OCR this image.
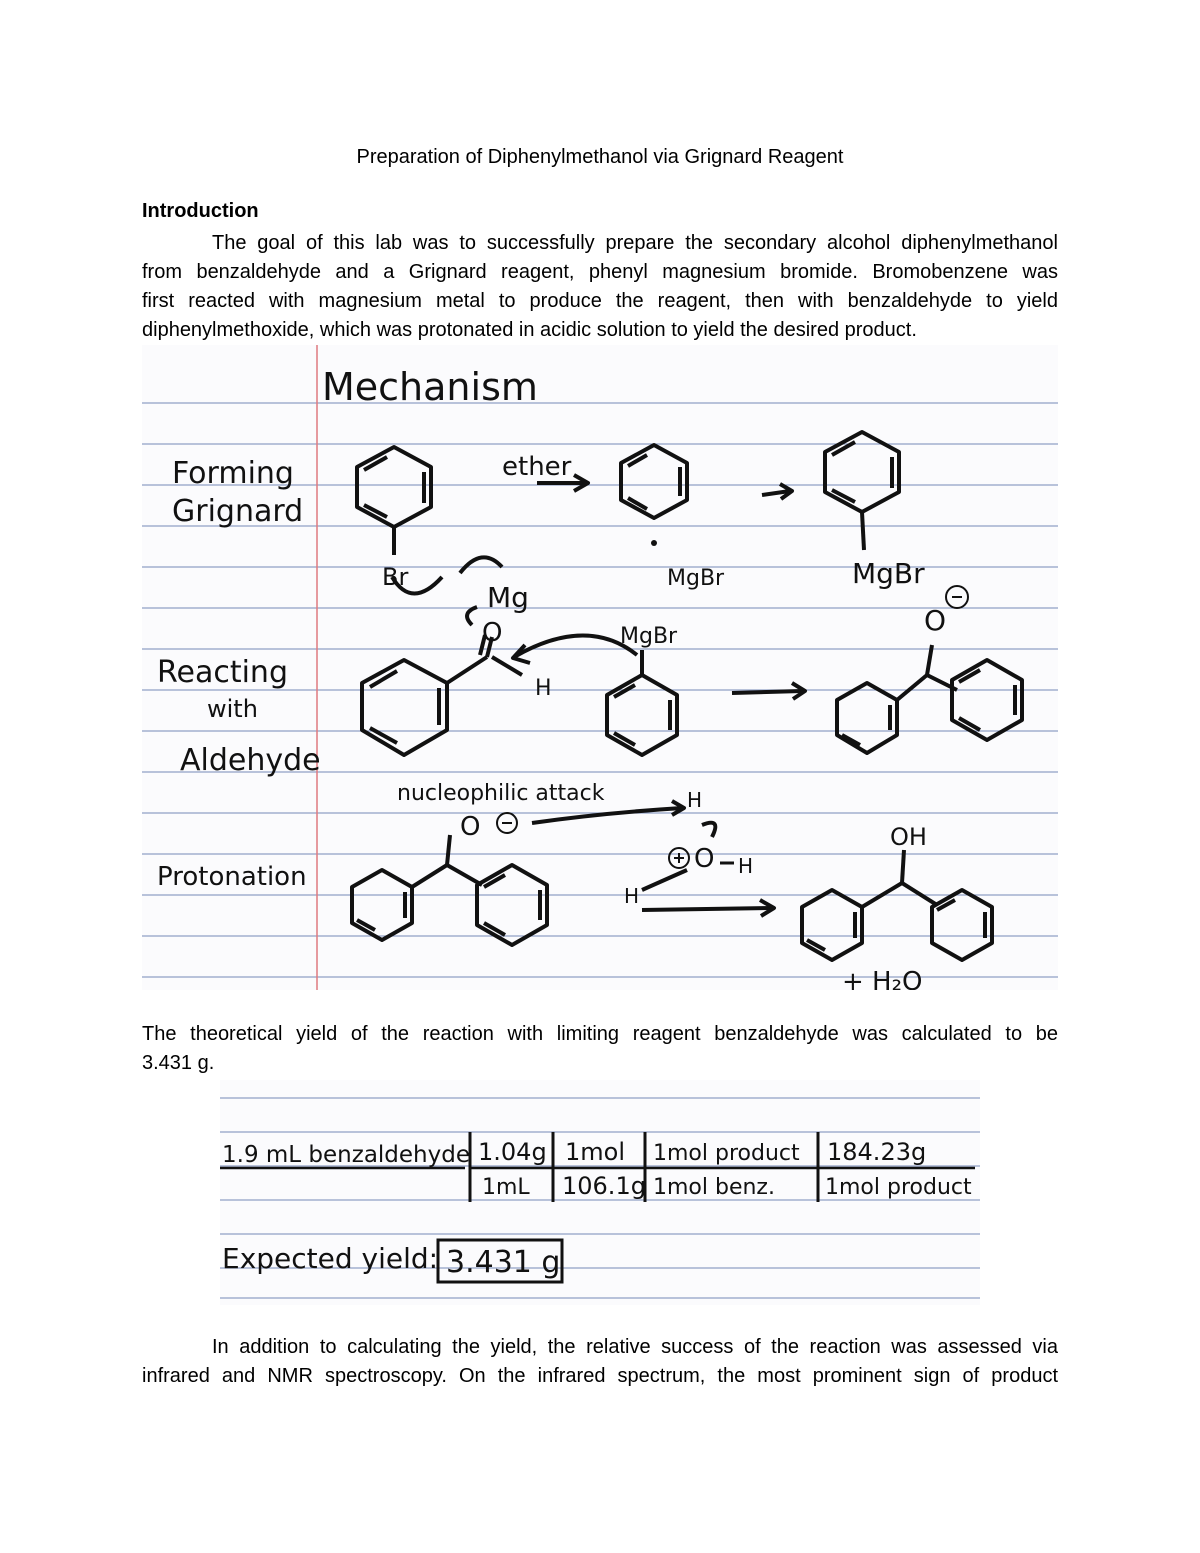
Preparation of Diphenylmethanol via Grignard Reagent
Introduction
The goal of this lab was to successfully prepare the secondary alcohol diphenylmethanol
from benzaldehyde and a Grignard reagent, phenyl magnesium bromide. Bromobenzene was
first reacted with magnesium metal to produce the reagent, then with benzaldehyde to yield
diphenylmethoxide, which was protonated in acidic solution to yield the desired product.
Mechanism
Forming
Grignard
Reacting
with
Aldehyde
Protonation
ether
Br
Mg
MgBr	MgBr
MgBr
O
H
O
nucleophilic attack
O
H
O H
H
OH
+ H₂O
The theoretical yield of the reaction with limiting reagent benzaldehyde was calculated to be
3.431 g.
1.9 mL benzaldehyde 1.04g
1mL
1mol
106.1g
1mol product
1mol benz.
184.23g
1mol product
Expected yield: 3.431 g
In addition to calculating the yield, the relative success of the reaction was assessed via
infrared and NMR spectroscopy. On the infrared spectrum, the most prominent sign of product
